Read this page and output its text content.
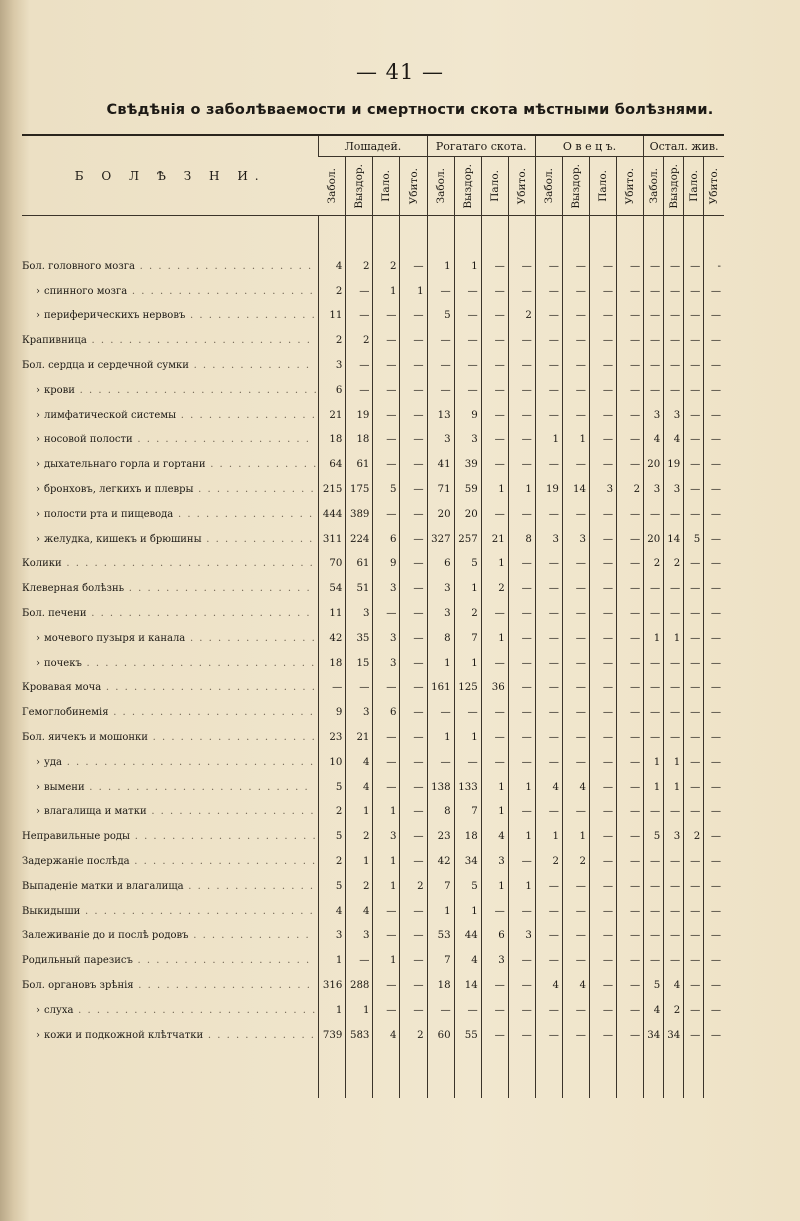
— 41 —
Свѣдѣнія о заболѣваемости и смертности скота мѣстными болѣзнями.
Б О Л Ѣ З Н И.	Лошадей.				Рогатаго скота.				О в е ц ъ.				Остал. жив.			

	Забол.	Выздор.	Пало.	Убито.	Забол.	Выздор.	Пало.	Убито.	Забол.	Выздор.	Пало.	Убито.	Забол.	Выздор.	Пало.	Убито.

Бол. головного мозга . . . . . . . . . . . . . . . . . . .	4	2	2	—	1	1	—	—	—	—	—	—	—	—	—	-
› спинного мозга . . . . . . . . . . . . . . . . . . . .	2	—	1	1	—	—	—	—	—	—	—	—	—	—	—	—
› периферическихъ нервовъ . . . . . . . . . . . . . .	11	—	—	—	5	—	—	2	—	—	—	—	—	—	—	—
Крапивница . . . . . . . . . . . . . . . . . . . . . . . .	2	2	—	—	—	—	—	—	—	—	—	—	—	—	—	—
Бол. сердца и сердечной сумки . . . . . . . . . . . . .	3	—	—	—	—	—	—	—	—	—	—	—	—	—	—	—
› крови . . . . . . . . . . . . . . . . . . . . . . . . . .	6	—	—	—	—	—	—	—	—	—	—	—	—	—	—	—
› лимфатической системы . . . . . . . . . . . . . . .	21	19	—	—	13	9	—	—	—	—	—	—	3	3	—	—
› носовой полости . . . . . . . . . . . . . . . . . . .	18	18	—	—	3	3	—	—	1	1	—	—	4	4	—	—
› дыхательнаго горла и гортани . . . . . . . . . . . .	64	61	—	—	41	39	—	—	—	—	—	—	20	19	—	—
› бронховъ, легкихъ и плевры . . . . . . . . . . . . .	215	175	5	—	71	59	1	1	19	14	3	2	3	3	—	—
› полости рта и пищевода . . . . . . . . . . . . . . .	444	389	—	—	20	20	—	—	—	—	—	—	—	—	—	—
› желудка, кишекъ и брюшины . . . . . . . . . . . .	311	224	6	—	327	257	21	8	3	3	—	—	20	14	5	—
Колики . . . . . . . . . . . . . . . . . . . . . . . . . . .	70	61	9	—	6	5	1	—	—	—	—	—	2	2	—	—
Клеверная болѣзнь . . . . . . . . . . . . . . . . . . . .	54	51	3	—	3	1	2	—	—	—	—	—	—	—	—	—
Бол. печени . . . . . . . . . . . . . . . . . . . . . . . .	11	3	—	—	3	2	—	—	—	—	—	—	—	—	—	—
› мочевого пузыря и канала . . . . . . . . . . . . . .	42	35	3	—	8	7	1	—	—	—	—	—	1	1	—	—
› почекъ . . . . . . . . . . . . . . . . . . . . . . . . .	18	15	3	—	1	1	—	—	—	—	—	—	—	—	—	—
Кровавая моча . . . . . . . . . . . . . . . . . . . . . . .	—	—	—	—	161	125	36	—	—	—	—	—	—	—	—	—
Гемоглобинемія . . . . . . . . . . . . . . . . . . . . . .	9	3	6	—	—	—	—	—	—	—	—	—	—	—	—	—
Бол. яичекъ и мошонки . . . . . . . . . . . . . . . . . .	23	21	—	—	1	1	—	—	—	—	—	—	—	—	—	—
› уда . . . . . . . . . . . . . . . . . . . . . . . . . . .	10	4	—	—	—	—	—	—	—	—	—	—	1	1	—	—
› вымени . . . . . . . . . . . . . . . . . . . . . . . .	5	4	—	—	138	133	1	1	4	4	—	—	1	1	—	—
› влагалища и матки . . . . . . . . . . . . . . . . . .	2	1	1	—	8	7	1	—	—	—	—	—	—	—	—	—
Неправильные роды . . . . . . . . . . . . . . . . . . . .	5	2	3	—	23	18	4	1	1	1	—	—	5	3	2	—
Задержаніе послѣда . . . . . . . . . . . . . . . . . . . .	2	1	1	—	42	34	3	—	2	2	—	—	—	—	—	—
Выпаденіе матки и влагалища . . . . . . . . . . . . . .	5	2	1	2	7	5	1	1	—	—	—	—	—	—	—	—
Выкидыши . . . . . . . . . . . . . . . . . . . . . . . . .	4	4	—	—	1	1	—	—	—	—	—	—	—	—	—	—
Залеживаніе до и послѣ родовъ . . . . . . . . . . . . .	3	3	—	—	53	44	6	3	—	—	—	—	—	—	—	—
Родильный парезисъ . . . . . . . . . . . . . . . . . . .	1	—	1	—	7	4	3	—	—	—	—	—	—	—	—	—
Бол. органовъ зрѣнія . . . . . . . . . . . . . . . . . . .	316	288	—	—	18	14	—	—	4	4	—	—	5	4	—	—
› слуха . . . . . . . . . . . . . . . . . . . . . . . . . .	1	1	—	—	—	—	—	—	—	—	—	—	4	2	—	—
› кожи и подкожной клѣтчатки . . . . . . . . . . . .	739	583	4	2	60	55	—	—	—	—	—	—	34	34	—	—
